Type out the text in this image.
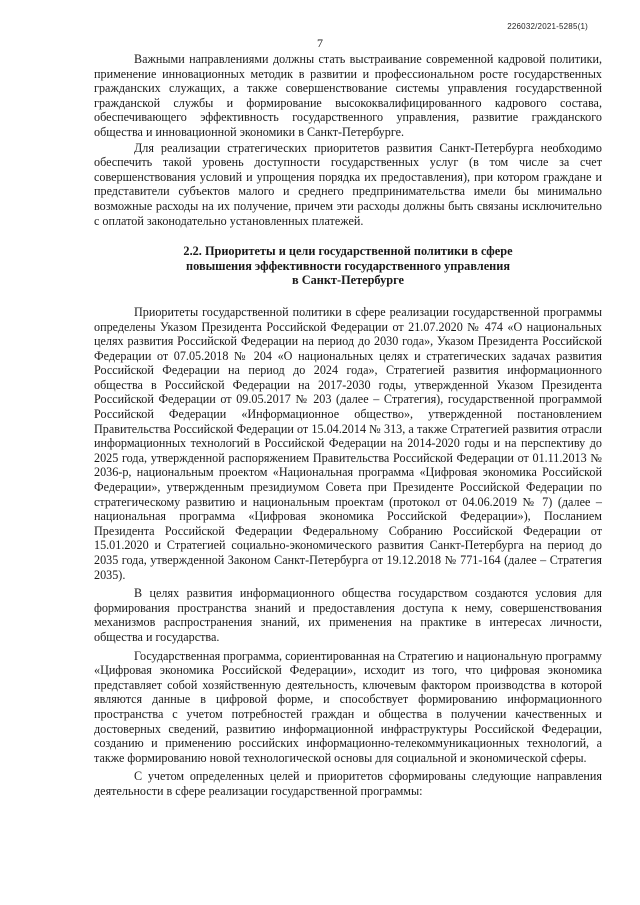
226032/2021-5285(1)
7

Важными направлениями должны стать выстраивание современной кадровой политики, применение инновационных методик в развитии и профессиональном росте государственных гражданских служащих, а также совершенствование системы управления государственной гражданской службы и формирование высококвалифицированного кадрового состава, обеспечивающего эффективность государственного управления, развитие гражданского общества и инновационной экономики в Санкт-Петербурге.

Для реализации стратегических приоритетов развития Санкт-Петербурга необходимо обеспечить такой уровень доступности государственных услуг (в том числе за счет совершенствования условий и упрощения порядка их предоставления), при котором граждане и представители субъектов малого и среднего предпринимательства имели бы минимально возможные расходы на их получение, причем эти расходы должны быть связаны исключительно с оплатой законодательно установленных платежей.

2.2. Приоритеты и цели государственной политики в сфере
повышения эффективности государственного управления
в Санкт-Петербурге

Приоритеты государственной политики в сфере реализации государственной программы определены Указом Президента Российской Федерации от 21.07.2020 № 474 «О национальных целях развития Российской Федерации на период до 2030 года», Указом Президента Российской Федерации от 07.05.2018 № 204 «О национальных целях и стратегических задачах развития Российской Федерации на период до 2024 года», Стратегией развития информационного общества в Российской Федерации на 2017-2030 годы, утвержденной Указом Президента Российской Федерации от 09.05.2017 № 203 (далее – Стратегия), государственной программой Российской Федерации «Информационное общество», утвержденной постановлением Правительства Российской Федерации от 15.04.2014 № 313, а также Стратегией развития отрасли информационных технологий в Российской Федерации на 2014-2020 годы и на перспективу до 2025 года, утвержденной распоряжением Правительства Российской Федерации от 01.11.2013 № 2036-р, национальным проектом «Национальная программа «Цифровая экономика Российской Федерации», утвержденным президиумом Совета при Президенте Российской Федерации по стратегическому развитию и национальным проектам (протокол от 04.06.2019 № 7) (далее – национальная программа «Цифровая экономика Российской Федерации»), Посланием Президента Российской Федерации Федеральному Собранию Российской Федерации от 15.01.2020 и Стратегией социально-экономического развития Санкт-Петербурга на период до 2035 года, утвержденной Законом Санкт-Петербурга от 19.12.2018 № 771-164 (далее – Стратегия 2035).

В целях развития информационного общества государством создаются условия для формирования пространства знаний и предоставления доступа к нему, совершенствования механизмов распространения знаний, их применения на практике в интересах личности, общества и государства.

Государственная программа, сориентированная на Стратегию и национальную программу «Цифровая экономика Российской Федерации», исходит из того, что цифровая экономика представляет собой хозяйственную деятельность, ключевым фактором производства в которой являются данные в цифровой форме, и способствует формированию информационного пространства с учетом потребностей граждан и общества в получении качественных и достоверных сведений, развитию информационной инфраструктуры Российской Федерации, созданию и применению российских информационно-телекоммуникационных технологий, а также формированию новой технологической основы для социальной и экономической сферы.

С учетом определенных целей и приоритетов сформированы следующие направления деятельности в сфере реализации государственной программы:
